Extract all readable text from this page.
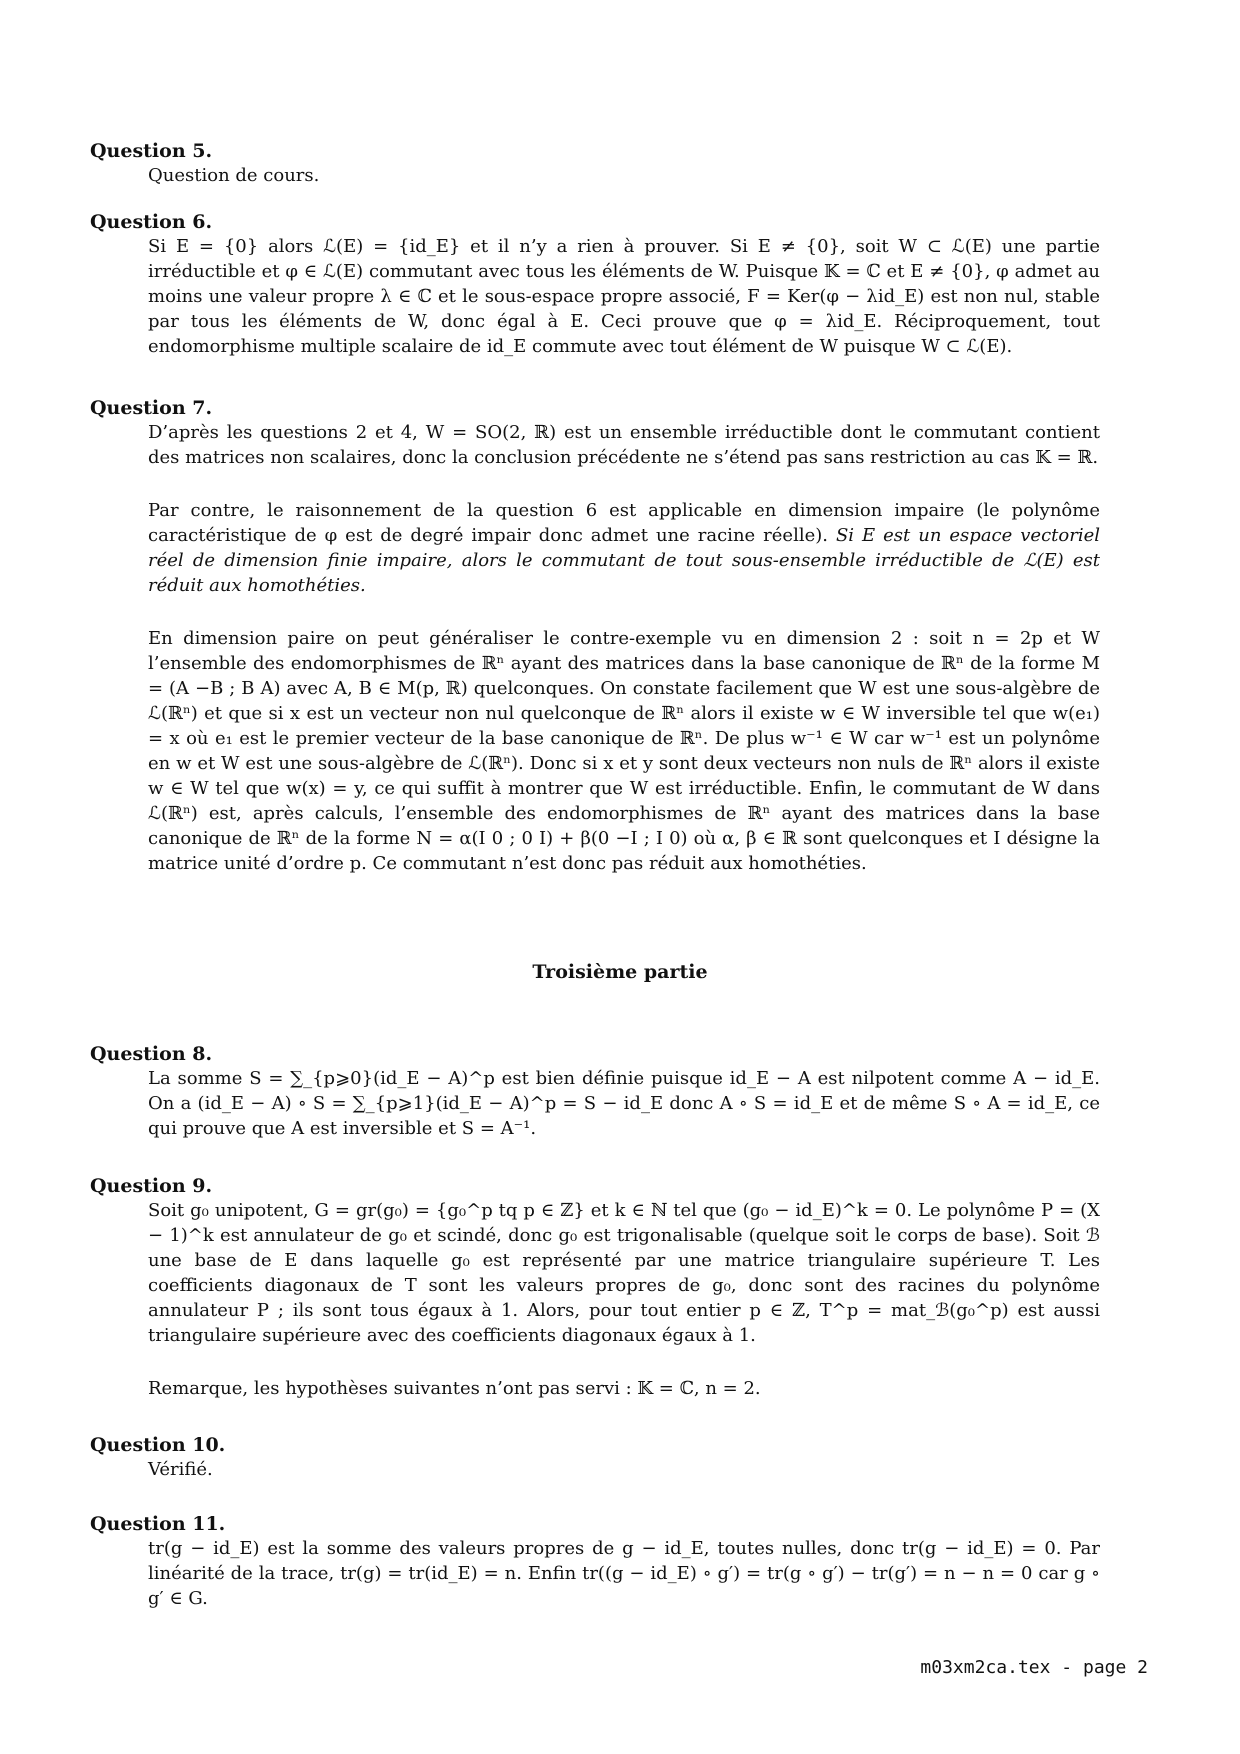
Question 5.

Question de cours.

Question 6.

Si E = {0} alors ℒ(E) = {id_E} et il n’y a rien à prouver. Si E ≠ {0}, soit W ⊂ ℒ(E) une partie irréductible et φ ∈ ℒ(E) commutant avec tous les éléments de W. Puisque 𝕂 = ℂ et E ≠ {0}, φ admet au moins une valeur propre λ ∈ ℂ et le sous-espace propre associé, F = Ker(φ − λid_E) est non nul, stable par tous les éléments de W, donc égal à E. Ceci prouve que φ = λid_E. Réciproquement, tout endomorphisme multiple scalaire de id_E commute avec tout élément de W puisque W ⊂ ℒ(E).

Question 7.

D’après les questions 2 et 4, W = SO(2, ℝ) est un ensemble irréductible dont le commutant contient des matrices non scalaires, donc la conclusion précédente ne s’étend pas sans restriction au cas 𝕂 = ℝ.

Par contre, le raisonnement de la question 6 est applicable en dimension impaire (le polynôme caractéristique de φ est de degré impair donc admet une racine réelle). Si E est un espace vectoriel réel de dimension finie impaire, alors le commutant de tout sous-ensemble irréductible de ℒ(E) est réduit aux homothéties.

En dimension paire on peut généraliser le contre-exemple vu en dimension 2 : soit n = 2p et W l’ensemble des endomorphismes de ℝⁿ ayant des matrices dans la base canonique de ℝⁿ de la forme M = (A −B ; B A) avec A, B ∈ M(p, ℝ) quelconques. On constate facilement que W est une sous-algèbre de ℒ(ℝⁿ) et que si x est un vecteur non nul quelconque de ℝⁿ alors il existe w ∈ W inversible tel que w(e₁) = x où e₁ est le premier vecteur de la base canonique de ℝⁿ. De plus w⁻¹ ∈ W car w⁻¹ est un polynôme en w et W est une sous-algèbre de ℒ(ℝⁿ). Donc si x et y sont deux vecteurs non nuls de ℝⁿ alors il existe w ∈ W tel que w(x) = y, ce qui suffit à montrer que W est irréductible. Enfin, le commutant de W dans ℒ(ℝⁿ) est, après calculs, l’ensemble des endomorphismes de ℝⁿ ayant des matrices dans la base canonique de ℝⁿ de la forme N = α(I 0 ; 0 I) + β(0 −I ; I 0) où α, β ∈ ℝ sont quelconques et I désigne la matrice unité d’ordre p. Ce commutant n’est donc pas réduit aux homothéties.

Troisième partie
Question 8.

La somme S = ∑_{p⩾0}(id_E − A)^p est bien définie puisque id_E − A est nilpotent comme A − id_E. On a (id_E − A) ∘ S = ∑_{p⩾1}(id_E − A)^p = S − id_E donc A ∘ S = id_E et de même S ∘ A = id_E, ce qui prouve que A est inversible et S = A⁻¹.

Question 9.

Soit g₀ unipotent, G = gr(g₀) = {g₀^p tq p ∈ ℤ} et k ∈ ℕ tel que (g₀ − id_E)^k = 0. Le polynôme P = (X − 1)^k est annulateur de g₀ et scindé, donc g₀ est trigonalisable (quelque soit le corps de base). Soit ℬ une base de E dans laquelle g₀ est représenté par une matrice triangulaire supérieure T. Les coefficients diagonaux de T sont les valeurs propres de g₀, donc sont des racines du polynôme annulateur P ; ils sont tous égaux à 1. Alors, pour tout entier p ∈ ℤ, T^p = mat_ℬ(g₀^p) est aussi triangulaire supérieure avec des coefficients diagonaux égaux à 1.

Remarque, les hypothèses suivantes n’ont pas servi : 𝕂 = ℂ, n = 2.

Question 10.

Vérifié.

Question 11.

tr(g − id_E) est la somme des valeurs propres de g − id_E, toutes nulles, donc tr(g − id_E) = 0. Par linéarité de la trace, tr(g) = tr(id_E) = n. Enfin tr((g − id_E) ∘ g′) = tr(g ∘ g′) − tr(g′) = n − n = 0 car g ∘ g′ ∈ G.

m03xm2ca.tex - page 2
